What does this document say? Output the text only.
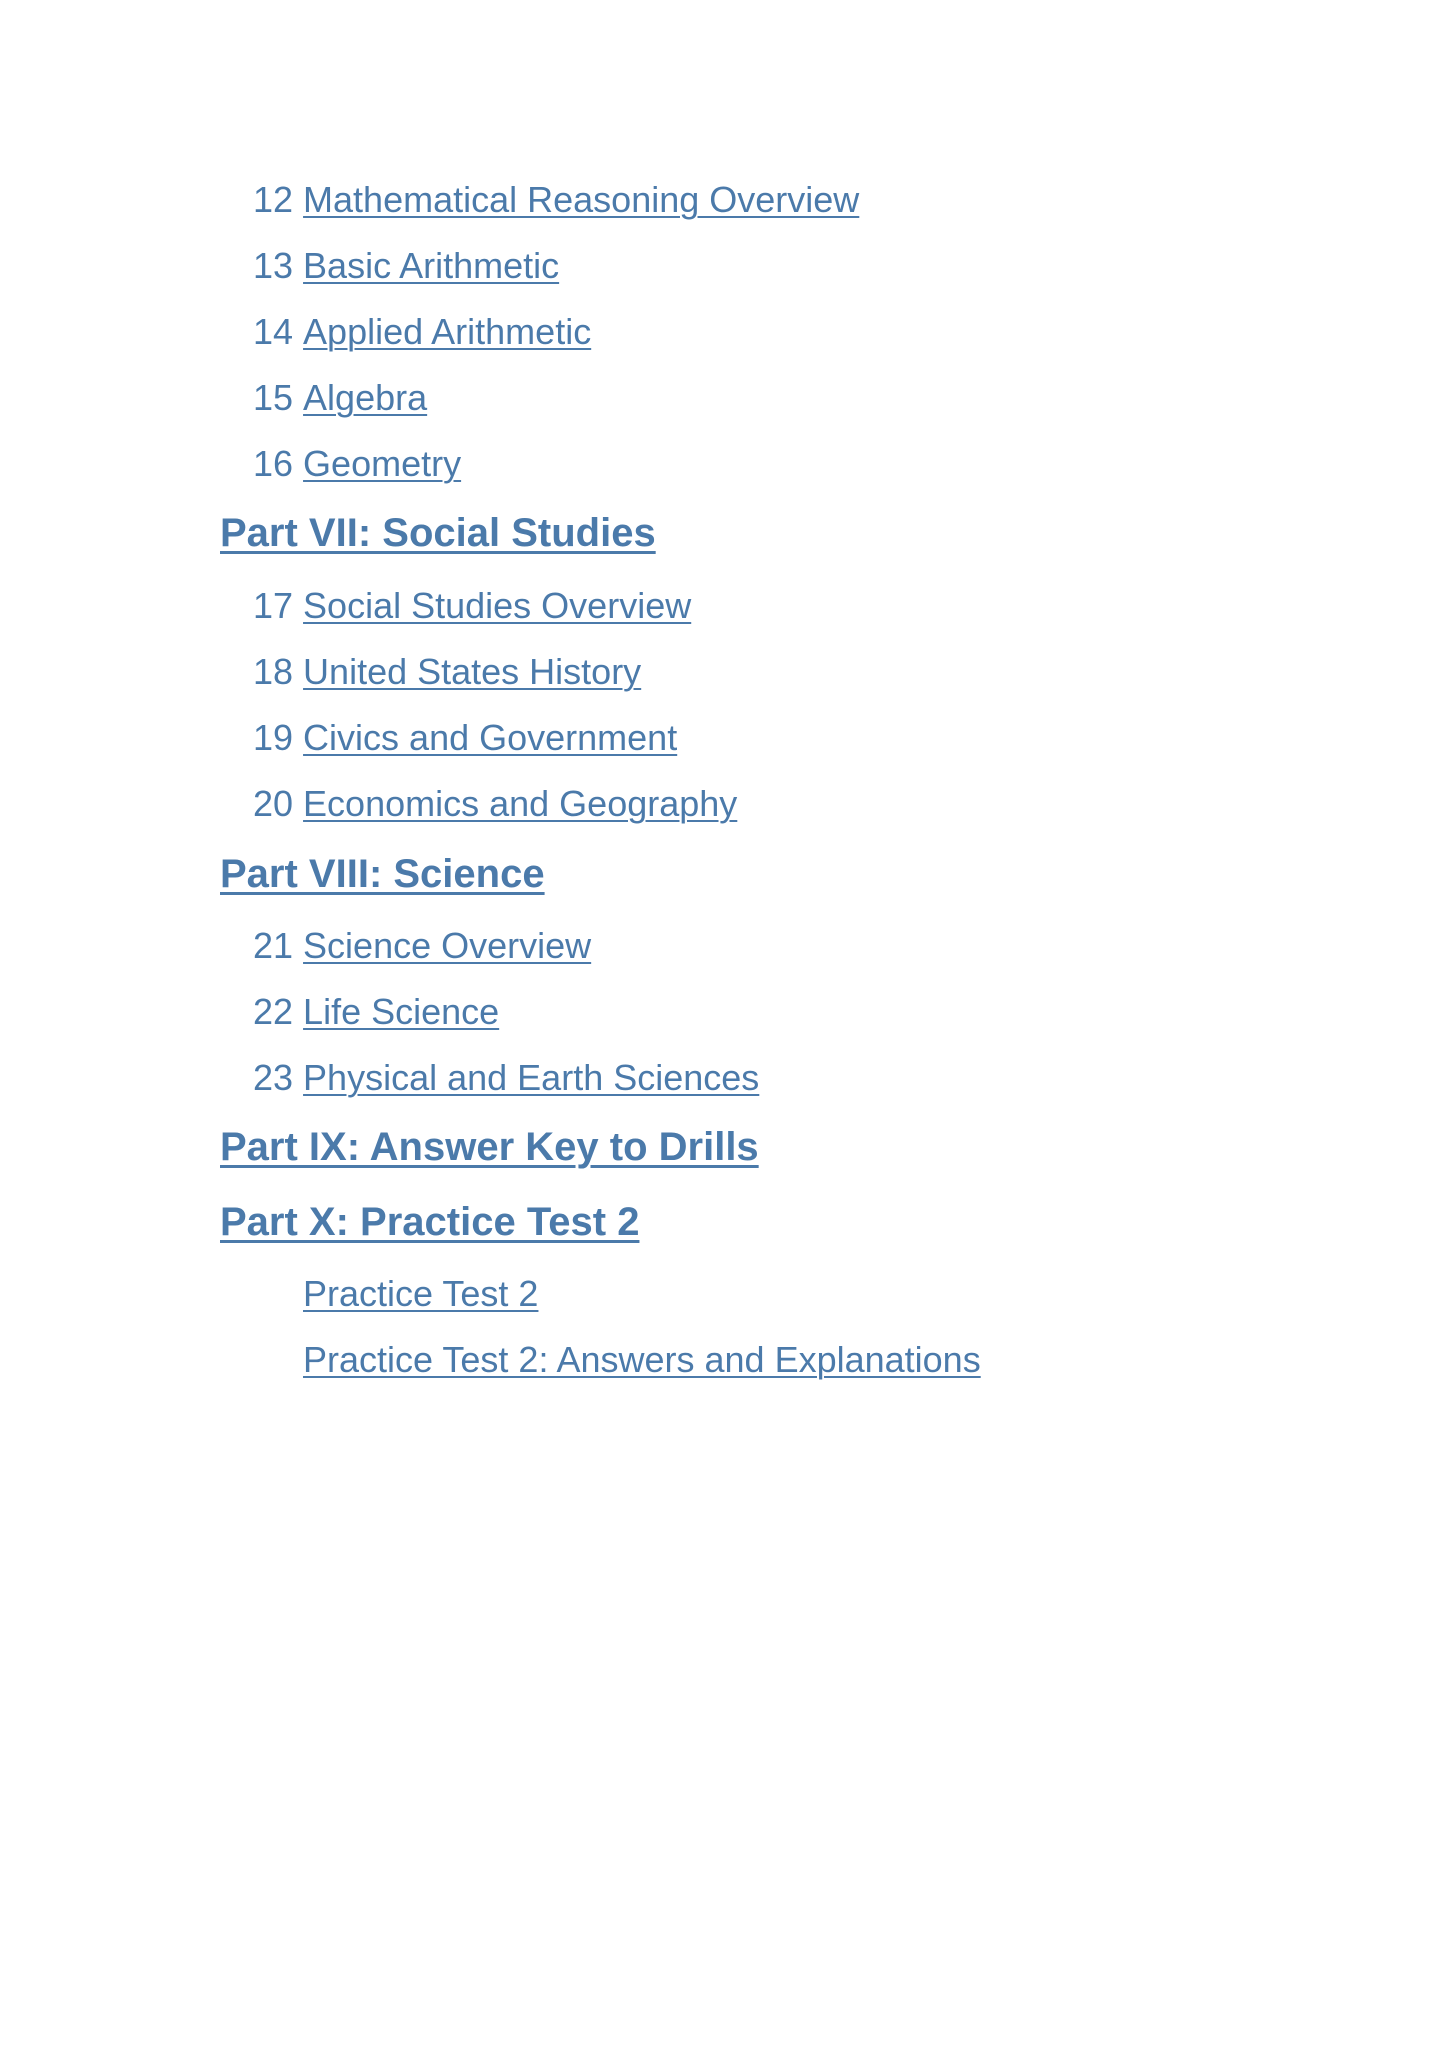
12 Mathematical Reasoning Overview
13 Basic Arithmetic
14 Applied Arithmetic
15 Algebra
16 Geometry
Part VII: Social Studies
17 Social Studies Overview
18 United States History
19 Civics and Government
20 Economics and Geography
Part VIII: Science
21 Science Overview
22 Life Science
23 Physical and Earth Sciences
Part IX: Answer Key to Drills
Part X: Practice Test 2
Practice Test 2
Practice Test 2: Answers and Explanations
